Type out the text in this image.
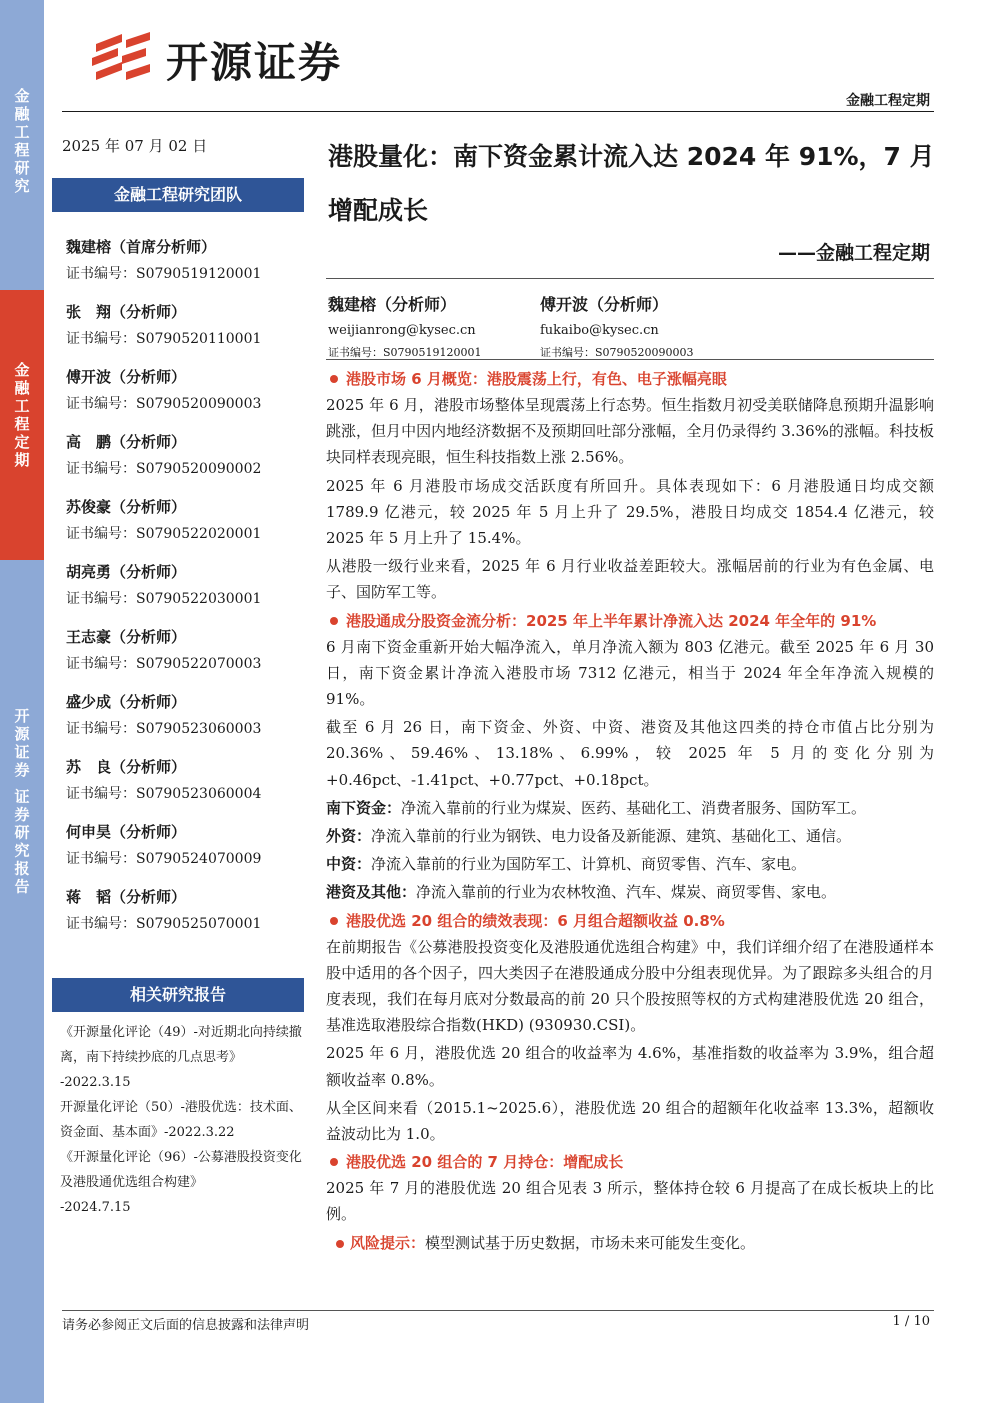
金融工程研究
金融工程定期
开源证券 证券研究报告
开源证券
金融工程定期
2025 年 07 月 02 日
金融工程研究团队
魏建榕（首席分析师）
证书编号：S0790519120001
张　翔（分析师）
证书编号：S0790520110001
傅开波（分析师）
证书编号：S0790520090003
高　鹏（分析师）
证书编号：S0790520090002
苏俊豪（分析师）
证书编号：S0790522020001
胡亮勇（分析师）
证书编号：S0790522030001
王志豪（分析师）
证书编号：S0790522070003
盛少成（分析师）
证书编号：S0790523060003
苏　良（分析师）
证书编号：S0790523060004
何申昊（分析师）
证书编号：S0790524070009
蒋　韬（分析师）
证书编号：S0790525070001
相关研究报告

《开源量化评论（49）-对近期北向持续撤离，南下持续抄底的几点思考》

-2022.3.15

开源量化评论（50）-港股优选：技术面、资金面、基本面》-2022.3.22

《开源量化评论（96）-公募港股投资变化及港股通优选组合构建》

-2024.7.15

港股量化：南下资金累计流入达 2024 年 91%，7 月增配成长
——金融工程定期
魏建榕（分析师）
weijianrong@kysec.cn
证书编号：S0790519120001
傅开波（分析师）
fukaibo@kysec.cn
证书编号：S0790520090003
港股市场 6 月概览：港股震荡上行，有色、电子涨幅亮眼

2025 年 6 月，港股市场整体呈现震荡上行态势。恒生指数月初受美联储降息预期升温影响跳涨，但月中因内地经济数据不及预期回吐部分涨幅，全月仍录得约 3.36%的涨幅。科技板块同样表现亮眼，恒生科技指数上涨 2.56%。

2025 年 6 月港股市场成交活跃度有所回升。具体表现如下：6 月港股通日均成交额 1789.9 亿港元，较 2025 年 5 月上升了 29.5%，港股日均成交 1854.4 亿港元，较 2025 年 5 月上升了 15.4%。

从港股一级行业来看，2025 年 6 月行业收益差距较大。涨幅居前的行业为有色金属、电子、国防军工等。

港股通成分股资金流分析：2025 年上半年累计净流入达 2024 年全年的 91%

6 月南下资金重新开始大幅净流入，单月净流入额为 803 亿港元。截至 2025 年 6 月 30 日，南下资金累计净流入港股市场 7312 亿港元，相当于 2024 年全年净流入规模的 91%。

截至 6 月 26 日，南下资金、外资、中资、港资及其他这四类的持仓市值占比分别为 20.36%、59.46%、13.18%、6.99%，较 2025 年 5 月的变化分别为+0.46pct、-1.41pct、+0.77pct、+0.18pct。

南下资金：净流入靠前的行业为煤炭、医药、基础化工、消费者服务、国防军工。

外资：净流入靠前的行业为钢铁、电力设备及新能源、建筑、基础化工、通信。

中资：净流入靠前的行业为国防军工、计算机、商贸零售、汽车、家电。

港资及其他：净流入靠前的行业为农林牧渔、汽车、煤炭、商贸零售、家电。

港股优选 20 组合的绩效表现：6 月组合超额收益 0.8%

在前期报告《公募港股投资变化及港股通优选组合构建》中，我们详细介绍了在港股通样本股中适用的各个因子，四大类因子在港股通成分股中分组表现优异。为了跟踪多头组合的月度表现，我们在每月底对分数最高的前 20 只个股按照等权的方式构建港股优选 20 组合，基准选取港股综合指数(HKD) (930930.CSI)。

2025 年 6 月，港股优选 20 组合的收益率为 4.6%，基准指数的收益率为 3.9%，组合超额收益率 0.8%。

从全区间来看（2015.1~2025.6），港股优选 20 组合的超额年化收益率 13.3%，超额收益波动比为 1.0。

港股优选 20 组合的 7 月持仓：增配成长

2025 年 7 月的港股优选 20 组合见表 3 所示，整体持仓较 6 月提高了在成长板块上的比例。

风险提示：模型测试基于历史数据，市场未来可能发生变化。

请务必参阅正文后面的信息披露和法律声明	1 / 10
